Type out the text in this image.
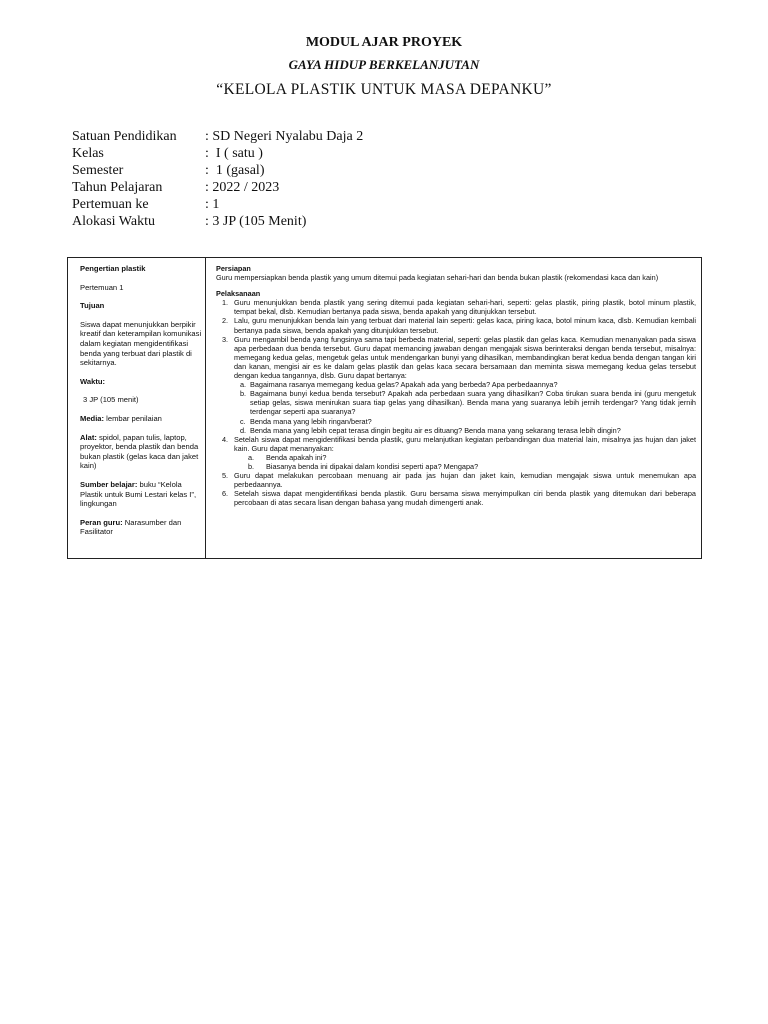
MODUL AJAR PROYEK
GAYA HIDUP BERKELANJUTAN
“KELOLA PLASTIK UNTUK MASA DEPANKU”
Satuan Pendidikan	: SD Negeri Nyalabu Daja 2
Kelas	:  I ( satu )
Semester	:  1 (gasal)
Tahun Pelajaran	: 2022 / 2023
Pertemuan ke	: 1
Alokasi Waktu	: 3 JP (105 Menit)

Pengertian plastik

Pertemuan 1

Tujuan

Siswa dapat menunjukkan berpikir kreatif dan keterampilan komunikasi dalam kegiatan mengidentifikasi benda yang terbuat dari plastik di sekitarnya.

Waktu:

3 JP (105 menit)

Media: lembar penilaian

Alat: spidol, papan tulis, laptop, proyektor, benda plastik dan benda bukan plastik (gelas kaca dan jaket kain)

Sumber belajar: buku “Kelola Plastik untuk Bumi Lestari kelas I”, lingkungan

Peran guru: Narasumber dan Fasilitator

Persiapan

Guru mempersiapkan benda plastik yang umum ditemui pada kegiatan sehari-hari dan benda bukan plastik (rekomendasi kaca dan kain)

Pelaksanaan

1. Guru menunjukkan benda plastik yang sering ditemui pada kegiatan sehari-hari, seperti: gelas plastik, piring plastik, botol minum plastik, tempat bekal, dlsb. Kemudian bertanya pada siswa, benda apakah yang ditunjukkan tersebut.
2. Lalu, guru menunjukkan benda lain yang terbuat dari material lain seperti: gelas kaca, piring kaca, botol minum kaca, dlsb. Kemudian kembali bertanya pada siswa, benda apakah yang ditunjukkan tersebut.
3. Guru mengambil benda yang fungsinya sama tapi berbeda material, seperti: gelas plastik dan gelas kaca. Kemudian menanyakan pada siswa apa perbedaan dua benda tersebut. Guru dapat memancing jawaban dengan mengajak siswa berinteraksi dengan benda tersebut, misalnya: memegang kedua gelas, mengetuk gelas untuk mendengarkan bunyi yang dihasilkan, membandingkan berat kedua benda dengan tangan kiri dan kanan, mengisi air es ke dalam gelas plastik dan gelas kaca secara bersamaan dan meminta siswa memegang kedua gelas tersebut dengan kedua tangannya, dlsb. Guru dapat bertanya:
a. Bagaimana rasanya memegang kedua gelas? Apakah ada yang berbeda? Apa perbedaannya?
b. Bagaimana bunyi kedua benda tersebut? Apakah ada perbedaan suara yang dihasilkan? Coba tirukan suara benda ini (guru mengetuk setiap gelas, siswa menirukan suara tiap gelas yang dihasilkan). Benda mana yang suaranya lebih jernih terdengar? Yang tidak jernih terdengar seperti apa suaranya?
c. Benda mana yang lebih ringan/berat?
d. Benda mana yang lebih cepat terasa dingin begitu air es dituang? Benda mana yang sekarang terasa lebih dingin?
4. Setelah siswa dapat mengidentifikasi benda plastik, guru melanjutkan kegiatan perbandingan dua material lain, misalnya jas hujan dan jaket kain. Guru dapat menanyakan:
a. Benda apakah ini?
b. Biasanya benda ini dipakai dalam kondisi seperti apa? Mengapa?
5. Guru dapat melakukan percobaan menuang air pada jas hujan dan jaket kain, kemudian mengajak siswa untuk menemukan apa perbedaannya.
6. Setelah siswa dapat mengidentifikasi benda plastik. Guru bersama siswa menyimpulkan ciri benda plastik yang ditemukan dari beberapa percobaan di atas secara lisan dengan bahasa yang mudah dimengerti anak.
